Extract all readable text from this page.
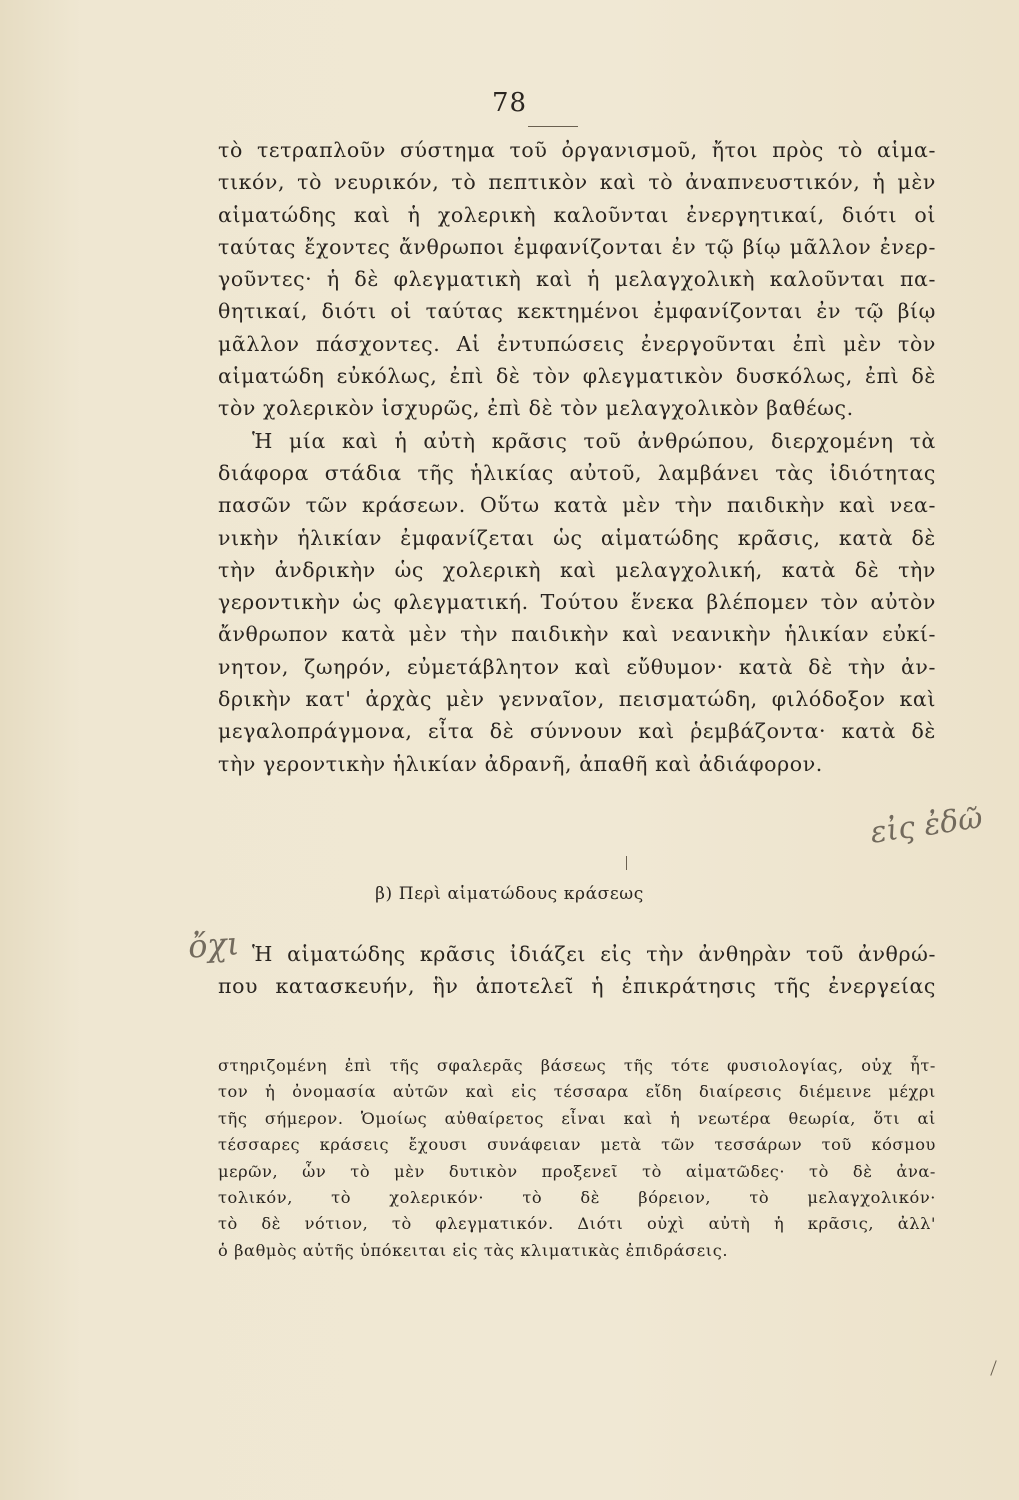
78
τὸ τετραπλοῦν σύστημα τοῦ ὀργανισμοῦ, ἤτοι πρὸς τὸ αἱμα-
τικόν, τὸ νευρικόν, τὸ πεπτικὸν καὶ τὸ ἀναπνευστικόν, ἡ μὲν
αἱματώδης καὶ ἡ χολερικὴ καλοῦνται ἐνεργητικαί, διότι οἱ
ταύτας ἔχοντες ἄνθρωποι ἐμφανίζονται ἐν τῷ βίῳ μᾶλλον ἐνερ-
γοῦντες· ἡ δὲ φλεγματικὴ καὶ ἡ μελαγχολικὴ καλοῦνται πα-
θητικαί, διότι οἱ ταύτας κεκτημένοι ἐμφανίζονται ἐν τῷ βίῳ
μᾶλλον πάσχοντες. Αἱ ἐντυπώσεις ἐνεργοῦνται ἐπὶ μὲν τὸν
αἱματώδη εὐκόλως, ἐπὶ δὲ τὸν φλεγματικὸν δυσκόλως, ἐπὶ δὲ
τὸν χολερικὸν ἰσχυρῶς, ἐπὶ δὲ τὸν μελαγχολικὸν βαθέως.
Ἡ μία καὶ ἡ αὐτὴ κρᾶσις τοῦ ἀνθρώπου, διερχομένη τὰ
διάφορα στάδια τῆς ἡλικίας αὐτοῦ, λαμβάνει τὰς ἰδιότητας
πασῶν τῶν κράσεων. Οὕτω κατὰ μὲν τὴν παιδικὴν καὶ νεα-
νικὴν ἡλικίαν ἐμφανίζεται ὡς αἱματώδης κρᾶσις, κατὰ δὲ
τὴν ἀνδρικὴν ὡς χολερικὴ καὶ μελαγχολική, κατὰ δὲ τὴν
γεροντικὴν ὡς φλεγματική. Τούτου ἕνεκα βλέπομεν τὸν αὐτὸν
ἄνθρωπον κατὰ μὲν τὴν παιδικὴν καὶ νεανικὴν ἡλικίαν εὐκί-
νητον, ζωηρόν, εὐμετάβλητον καὶ εὔθυμον· κατὰ δὲ τὴν ἀν-
δρικὴν κατ' ἀρχὰς μὲν γενναῖον, πεισματώδη, φιλόδοξον καὶ
μεγαλοπράγμονα, εἶτα δὲ σύννουν καὶ ῥεμβάζοντα· κατὰ δὲ
τὴν γεροντικὴν ἡλικίαν ἀδρανῆ, ἀπαθῆ καὶ ἀδιάφορον.
εἰς ἐδῶ
β) Περὶ αἱματώδους κράσεως
ὄχι Ἡ αἱματώδης κρᾶσις ἰδιάζει εἰς τὴν ἀνθηρὰν τοῦ ἀνθρώ-
που κατασκευήν, ἣν ἀποτελεῖ ἡ ἐπικράτησις τῆς ἐνεργείας
στηριζομένη ἐπὶ τῆς σφαλερᾶς βάσεως τῆς τότε φυσιολογίας, οὐχ ἧτ-
τον ἡ ὀνομασία αὐτῶν καὶ εἰς τέσσαρα εἴδη διαίρεσις διέμεινε μέχρι
τῆς σήμερον. Ὁμοίως αὐθαίρετος εἶναι καὶ ἡ νεωτέρα θεωρία, ὅτι αἱ
τέσσαρες κράσεις ἔχουσι συνάφειαν μετὰ τῶν τεσσάρων τοῦ κόσμου
μερῶν, ὧν τὸ μὲν δυτικὸν προξενεῖ τὸ αἱματῶδες· τὸ δὲ ἀνα-
τολικόν, τὸ χολερικόν· τὸ δὲ βόρειον, τὸ μελαγχολικόν·
τὸ δὲ νότιον, τὸ φλεγματικόν. Διότι οὐχὶ αὐτὴ ἡ κρᾶσις, ἀλλ'
ὁ βαθμὸς αὐτῆς ὑπόκειται εἰς τὰς κλιματικὰς ἐπιδράσεις.
